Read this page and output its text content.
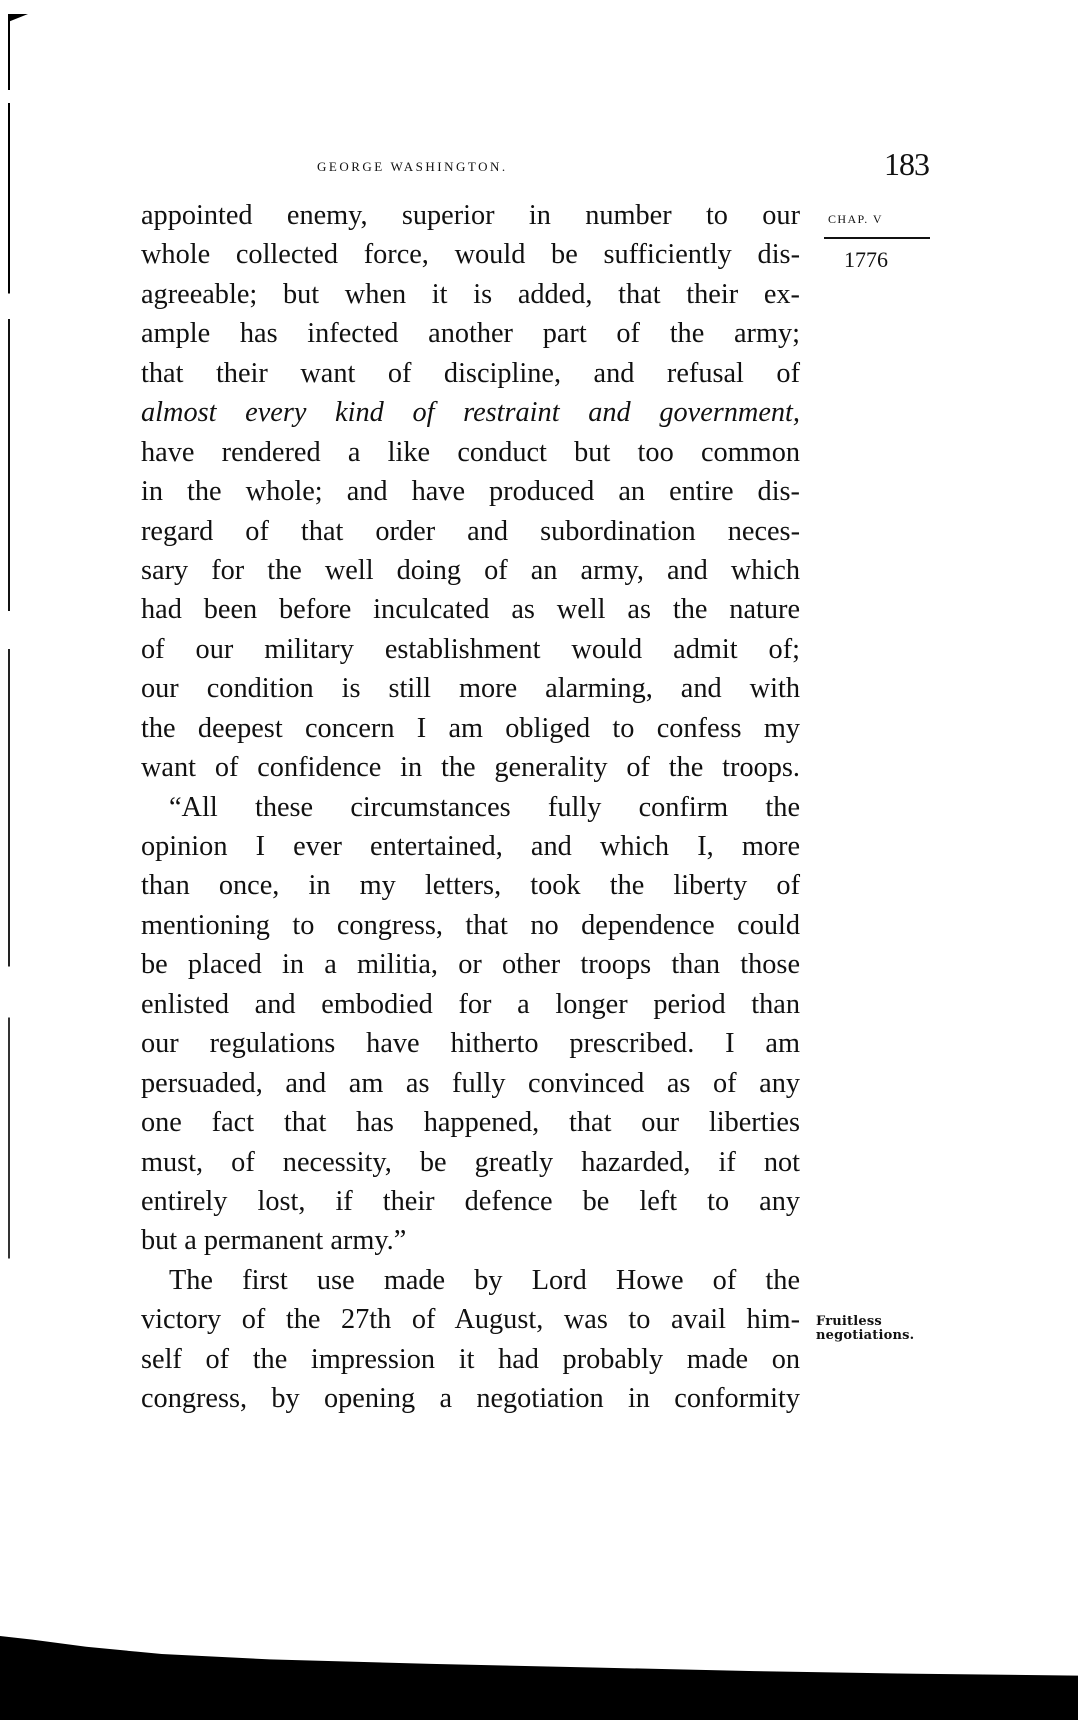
george washington.	183
CHAP. V
1776
Fruitless
negotiations.
appointed enemy, superior in number to our
whole collected force, would be sufficiently dis-
agreeable; but when it is added, that their ex-
ample has infected another part of the army;
that their want of discipline, and refusal of
almost every kind of restraint and government,
have rendered a like conduct but too common
in the whole; and have produced an entire dis-
regard of that order and subordination neces-
sary for the well doing of an army, and which
had been before inculcated as well as the nature
of our military establishment would admit of;
our condition is still more alarming, and with
the deepest concern I am obliged to confess my
want of confidence in the generality of the troops.
“All these circumstances fully confirm the
opinion I ever entertained, and which I, more
than once, in my letters, took the liberty of
mentioning to congress, that no dependence could
be placed in a militia, or other troops than those
enlisted and embodied for a longer period than
our regulations have hitherto prescribed. I am
persuaded, and am as fully convinced as of any
one fact that has happened, that our liberties
must, of necessity, be greatly hazarded, if not
entirely lost, if their defence be left to any
but a permanent army.”
The first use made by Lord Howe of the
victory of the 27th of August, was to avail him-
self of the impression it had probably made on
congress, by opening a negotiation in conformity
